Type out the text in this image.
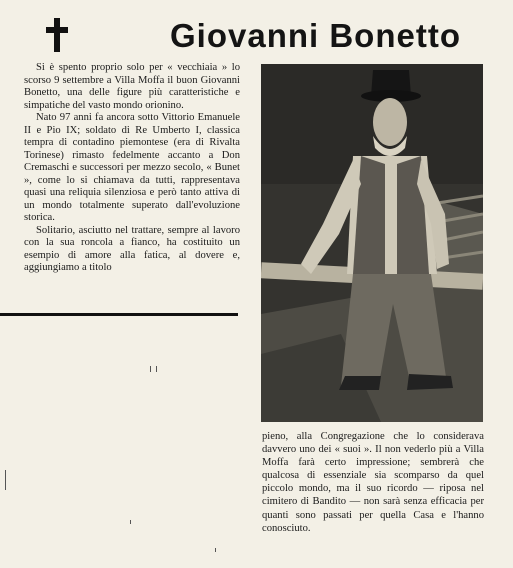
Giovanni Bonetto

Si è spento proprio solo per « vecchiaia » lo scorso 9 settembre a Villa Moffa il buon Giovanni Bonetto, una delle figure più caratteristiche e simpatiche del vasto mondo orionino.

Nato 97 anni fa ancora sotto Vittorio Emanuele II e Pio IX; soldato di Re Umberto I, classica tempra di contadino piemontese (era di Rivalta Torinese) rimasto fedelmente accanto a Don Cremaschi e successori per mezzo secolo, « Bunet », come lo si chiamava da tutti, rappresentava quasi una reliquia silenziosa e però tanto attiva di un mondo totalmente superato dall'evoluzione storica.

Solitario, asciutto nel trattare, sempre al lavoro con la sua roncola a fianco, ha costituito un esempio di amore alla fatica, al dovere e, aggiungiamo a titolo

pieno, alla Congregazione che lo considerava davvero uno dei « suoi ». Il non vederlo più a Villa Moffa farà certo impressione; sembrerà che qualcosa di essenziale sia scomparso da quel piccolo mondo, ma il suo ricordo — riposa nel cimitero di Bandito — non sarà senza efficacia per quanti sono passati per quella Casa e l'hanno conosciuto.
